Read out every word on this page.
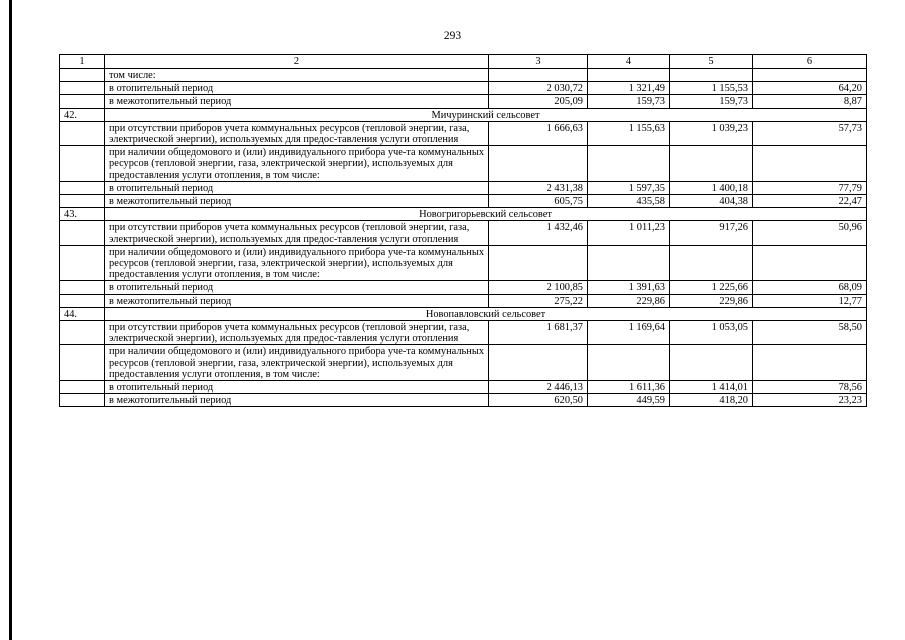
293
1	2	3	4	5	6
	том числе:				
	в отопительный период	2 030,72	1 321,49	1 155,53	64,20
	в межотопительный период	205,09	159,73	159,73	8,87
42.	Мичуринский сельсовет				
	при отсутствии приборов учета коммунальных ресурсов (тепловой энергии, газа, электрической энергии), используемых для предос-тавления услуги отопления	1 666,63	1 155,63	1 039,23	57,73
	при наличии общедомового и (или) индивидуального прибора уче-та коммунальных ресурсов (тепловой энергии, газа, электрической энергии), используемых для предоставления услуги отопления, в том числе:				
	в отопительный период	2 431,38	1 597,35	1 400,18	77,79
	в межотопительный период	605,75	435,58	404,38	22,47
43.	Новогригорьевский сельсовет				
	при отсутствии приборов учета коммунальных ресурсов (тепловой энергии, газа, электрической энергии), используемых для предос-тавления услуги отопления	1 432,46	1 011,23	917,26	50,96
	при наличии общедомового и (или) индивидуального прибора уче-та коммунальных ресурсов (тепловой энергии, газа, электрической энергии), используемых для предоставления услуги отопления, в том числе:				
	в отопительный период	2 100,85	1 391,63	1 225,66	68,09
	в межотопительный период	275,22	229,86	229,86	12,77
44.	Новопавловский сельсовет				
	при отсутствии приборов учета коммунальных ресурсов (тепловой энергии, газа, электрической энергии), используемых для предос-тавления услуги отопления	1 681,37	1 169,64	1 053,05	58,50
	при наличии общедомового и (или) индивидуального прибора уче-та коммунальных ресурсов (тепловой энергии, газа, электрической энергии), используемых для предоставления услуги отопления, в том числе:				
	в отопительный период	2 446,13	1 611,36	1 414,01	78,56
	в межотопительный период	620,50	449,59	418,20	23,23
